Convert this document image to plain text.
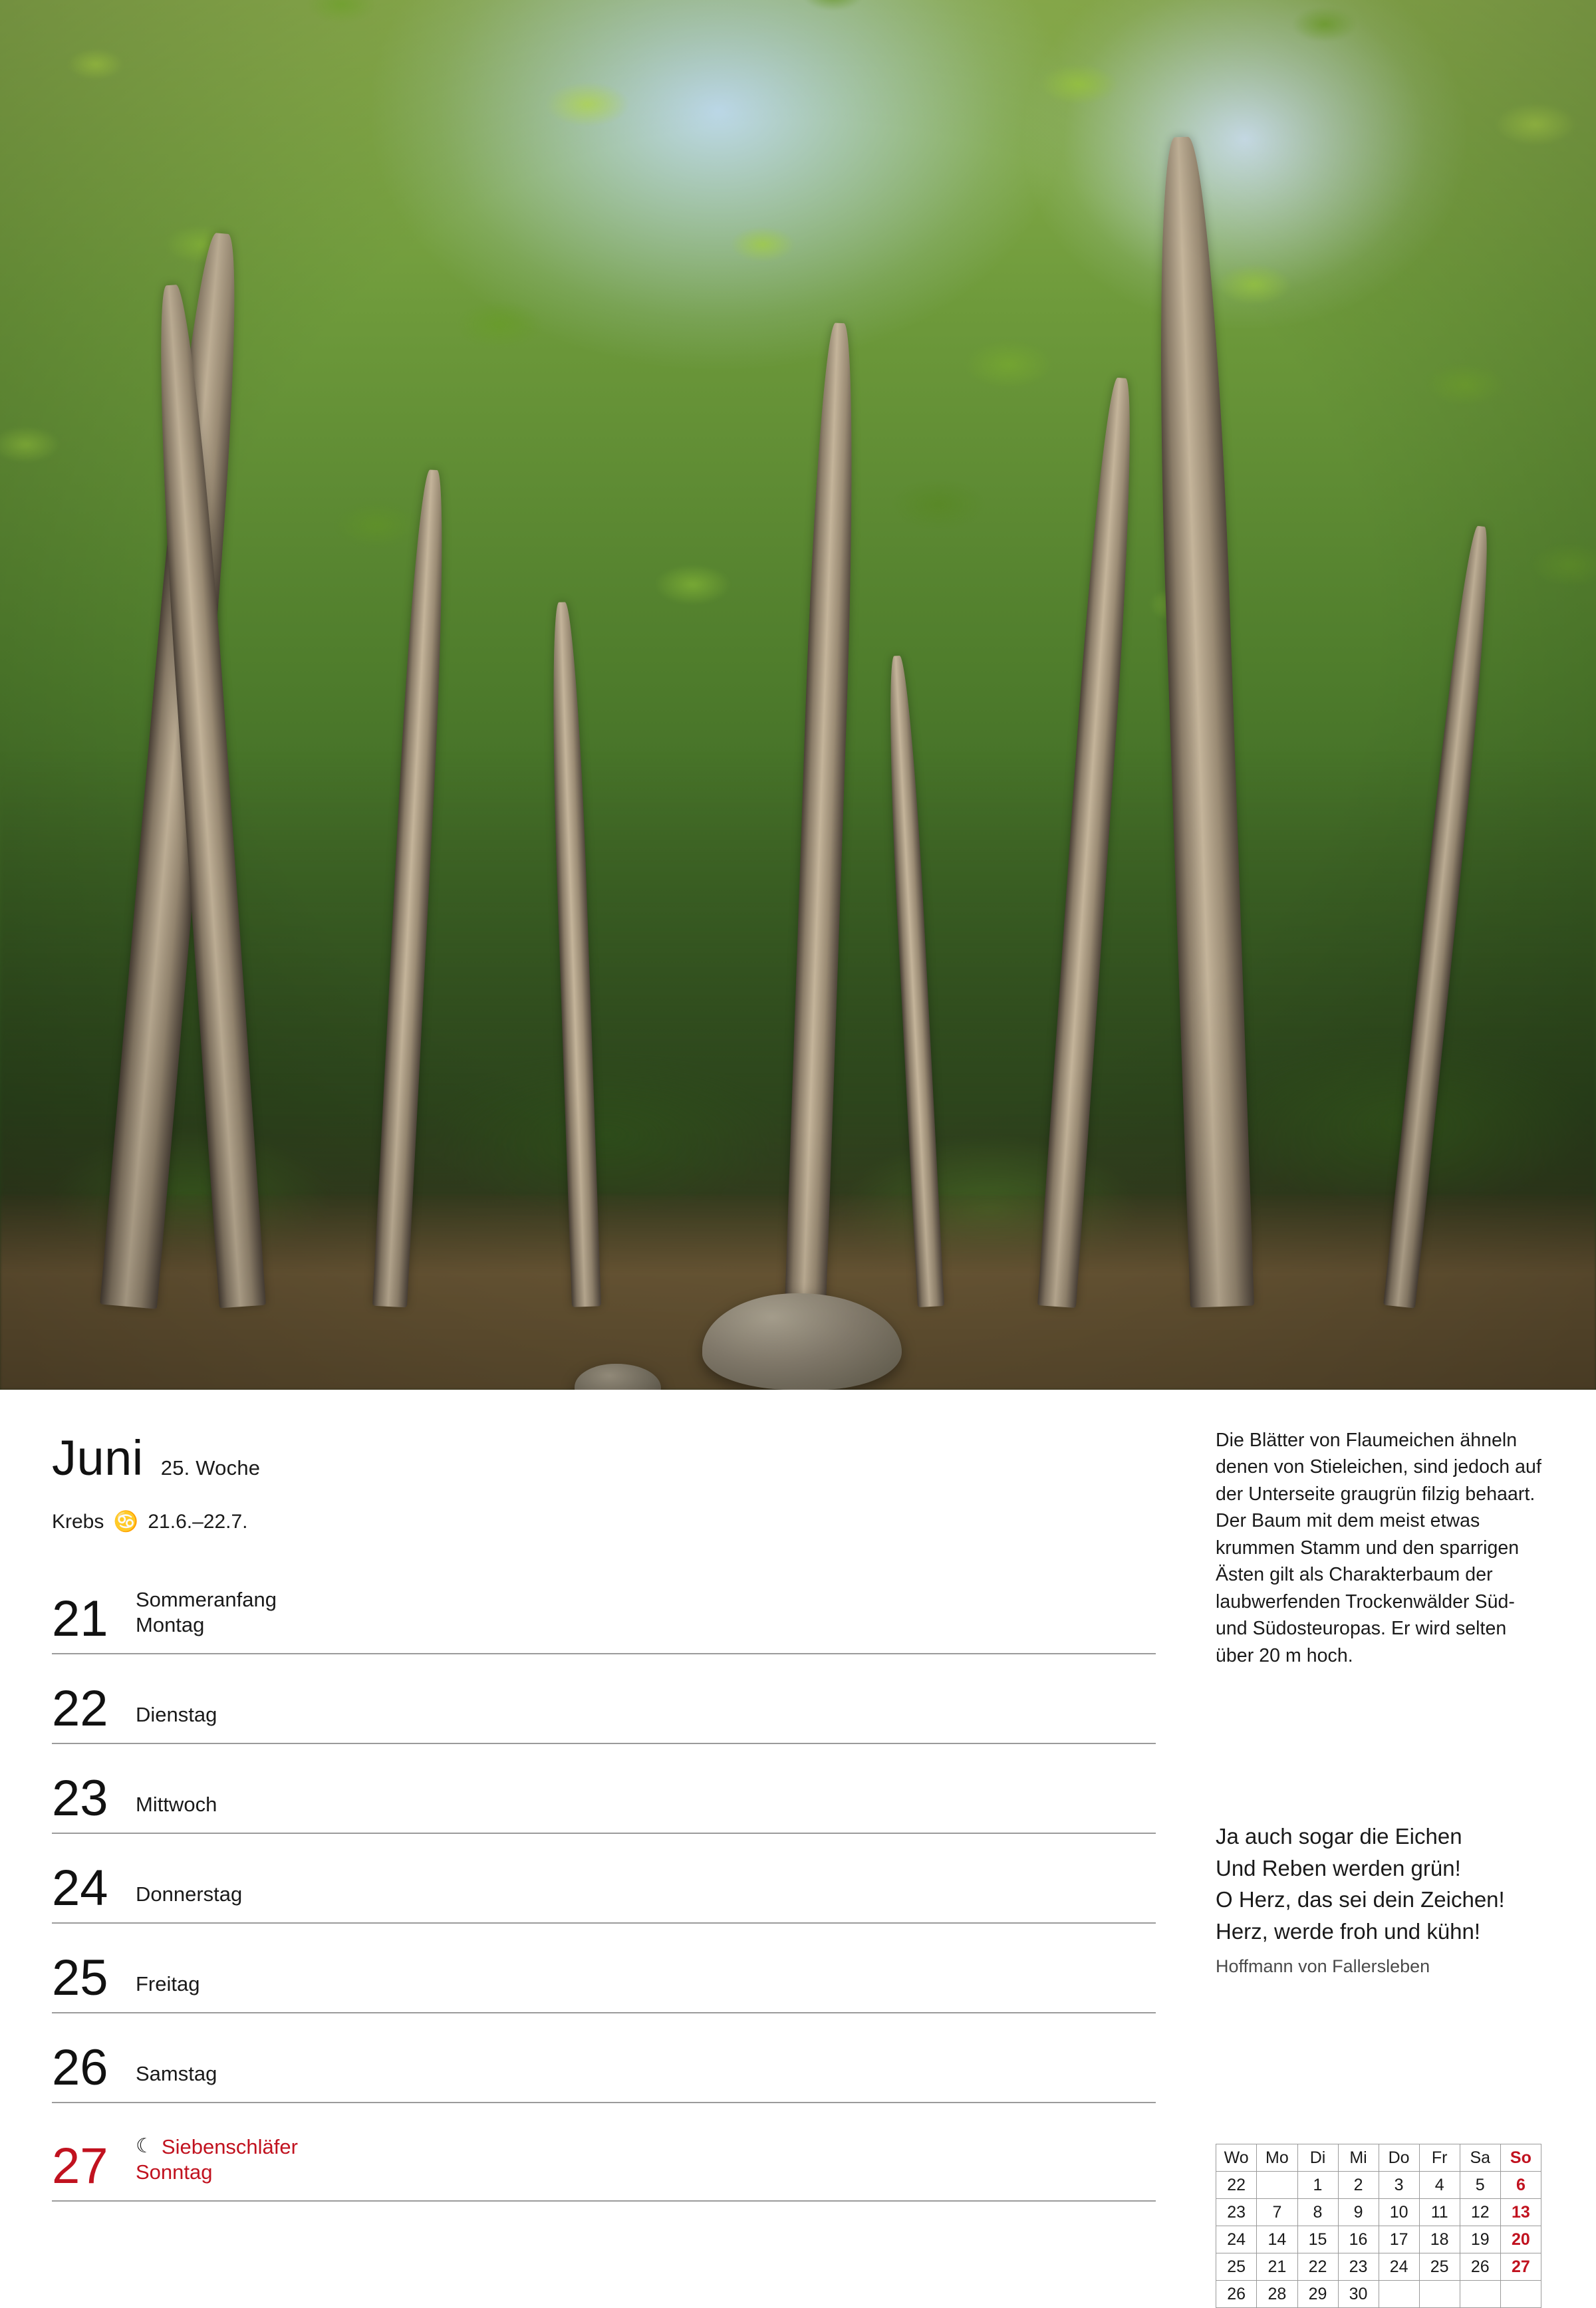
Juni 25. Woche
Krebs ♋ 21.6.–22.7.
21	Sommeranfang
Montag
22	Dienstag
23	Mittwoch
24	Donnerstag
25	Freitag
26	Samstag
27	☾ Siebenschläfer
Sonntag
Die Blätter von Flaumeichen ähneln denen von Stieleichen, sind jedoch auf der Unterseite graugrün filzig behaart. Der Baum mit dem meist etwas krummen Stamm und den sparrigen Ästen gilt als Charakterbaum der laubwerfenden Trockenwälder Süd- und Südosteuropas. Er wird selten über 20 m hoch.
Ja auch sogar die Eichen
Und Reben werden grün!
O Herz, das sei dein Zeichen!
Herz, werde froh und kühn!
Hoffmann von Fallersleben
Wo	Mo	Di	Mi	Do	Fr	Sa	So
22		1	2	3	4	5	6
23	7	8	9	10	11	12	13
24	14	15	16	17	18	19	20
25	21	22	23	24	25	26	27
26	28	29	30				
